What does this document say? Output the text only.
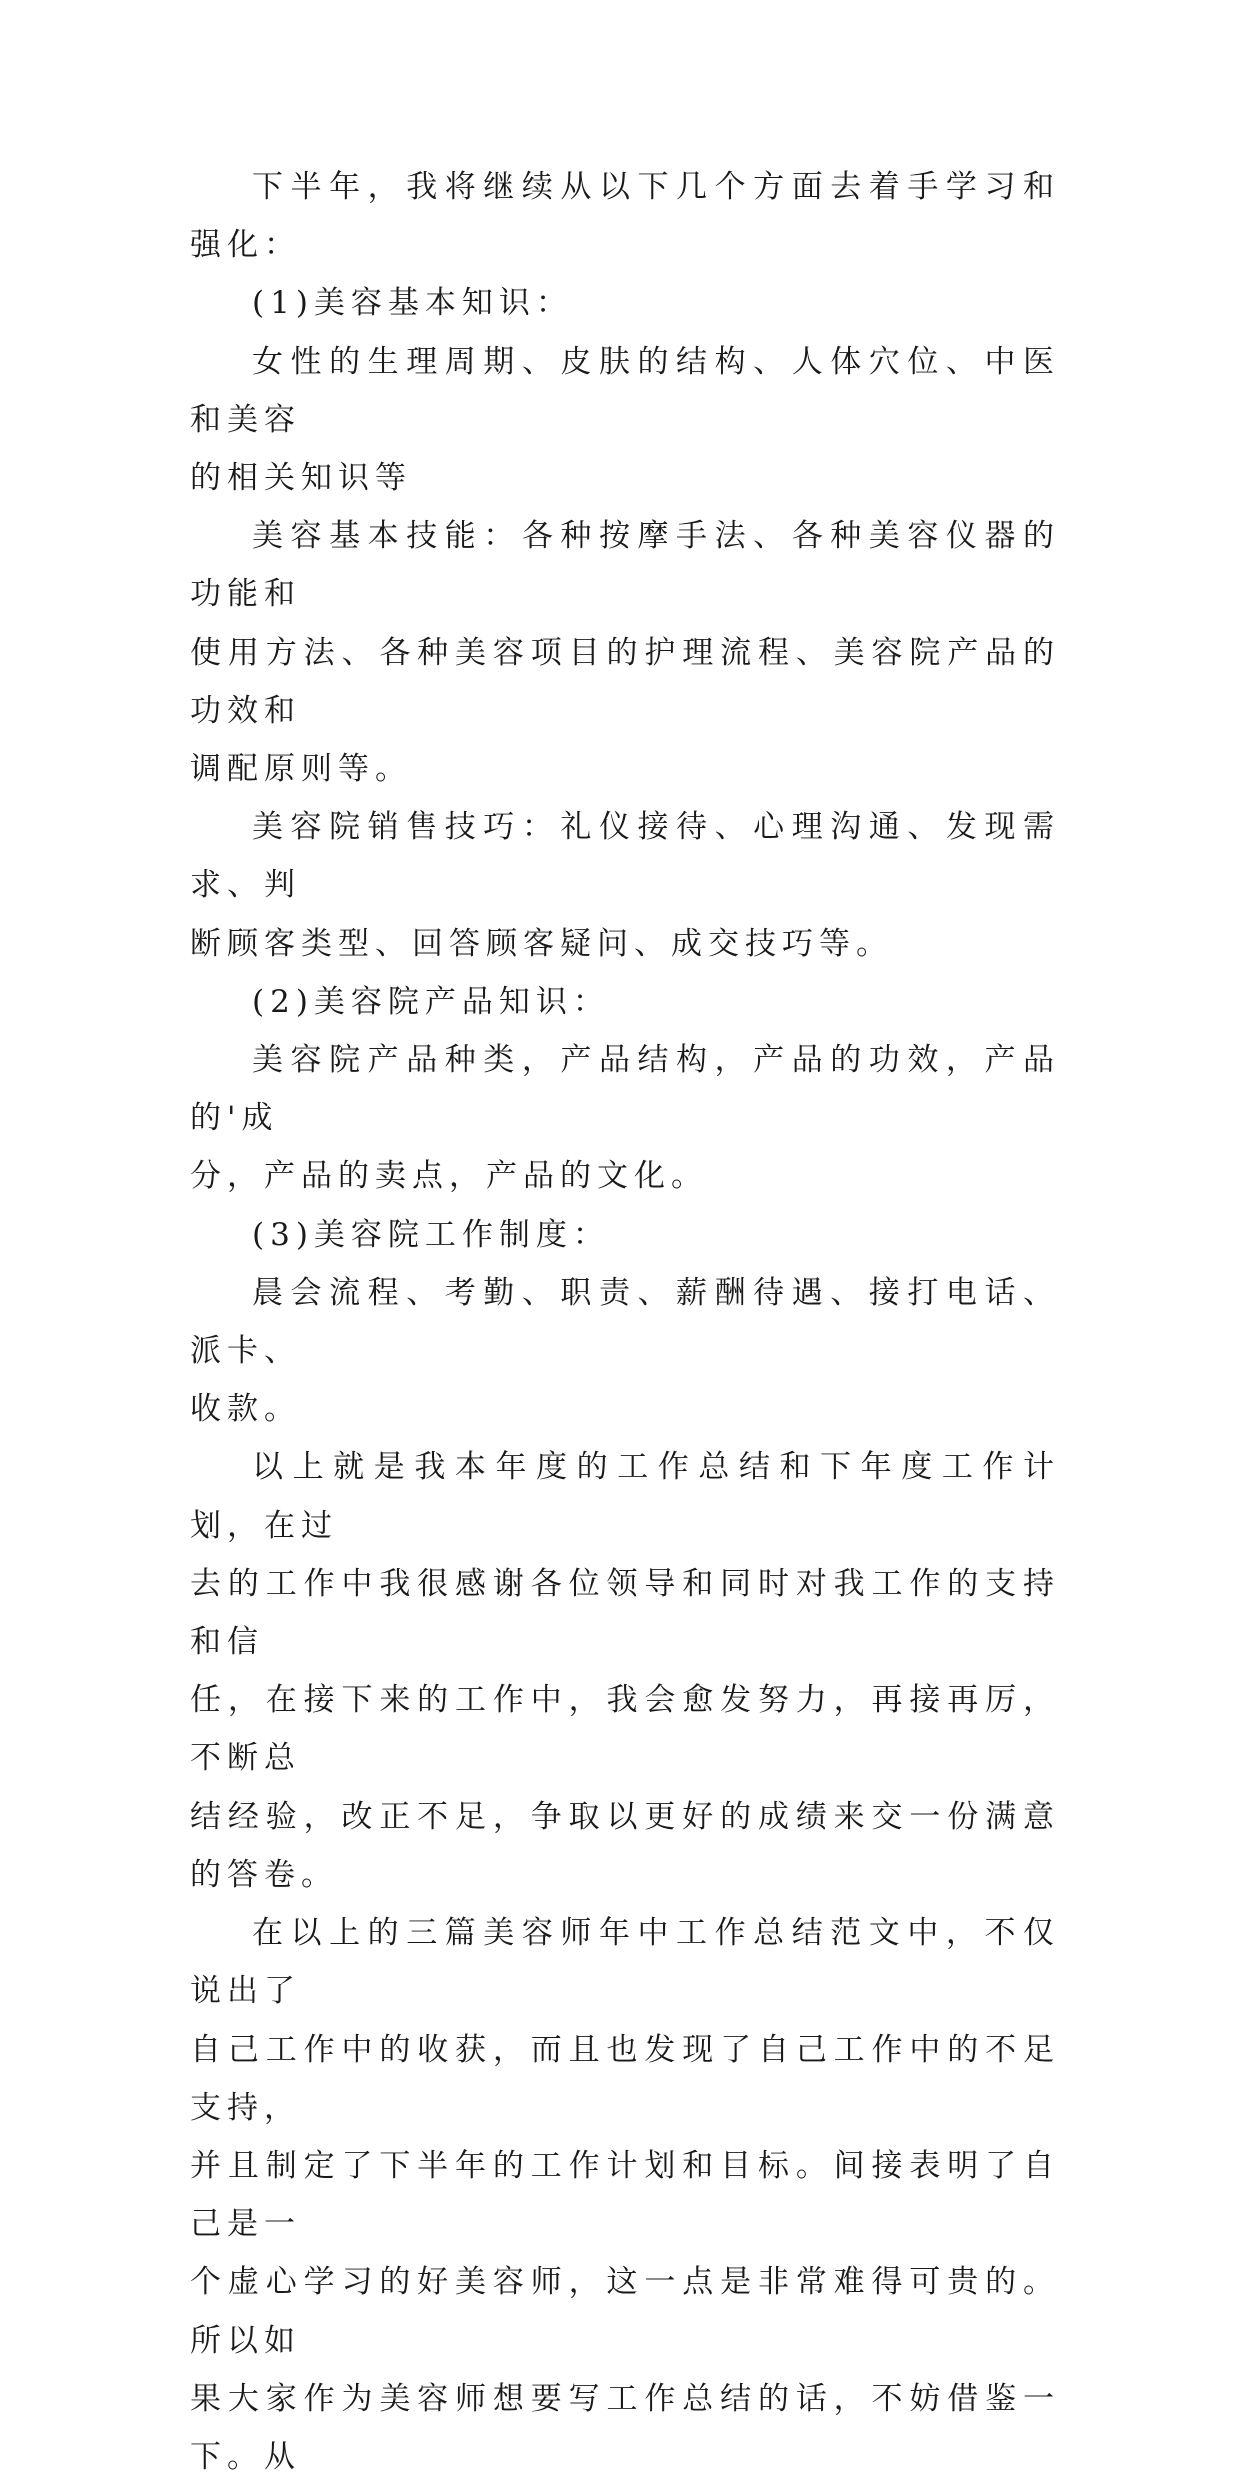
下半年，我将继续从以下几个方面去着手学习和强化：

(1)美容基本知识：

女性的生理周期、皮肤的结构、人体穴位、中医和美容
的相关知识等

美容基本技能：各种按摩手法、各种美容仪器的功能和
使用方法、各种美容项目的护理流程、美容院产品的功效和
调配原则等。

美容院销售技巧：礼仪接待、心理沟通、发现需求、判
断顾客类型、回答顾客疑问、成交技巧等。

(2)美容院产品知识：

美容院产品种类，产品结构，产品的功效，产品的'成
分，产品的卖点，产品的文化。

(3)美容院工作制度：

晨会流程、考勤、职责、薪酬待遇、接打电话、派卡、
收款。

以上就是我本年度的工作总结和下年度工作计划，在过
去的工作中我很感谢各位领导和同时对我工作的支持和信
任，在接下来的工作中，我会愈发努力，再接再厉，不断总
结经验，改正不足，争取以更好的成绩来交一份满意的答卷。

在以上的三篇美容师年中工作总结范文中，不仅说出了
自己工作中的收获，而且也发现了自己工作中的不足支持，
并且制定了下半年的工作计划和目标。间接表明了自己是一
个虚心学习的好美容师，这一点是非常难得可贵的。所以如
果大家作为美容师想要写工作总结的话，不妨借鉴一下。从
